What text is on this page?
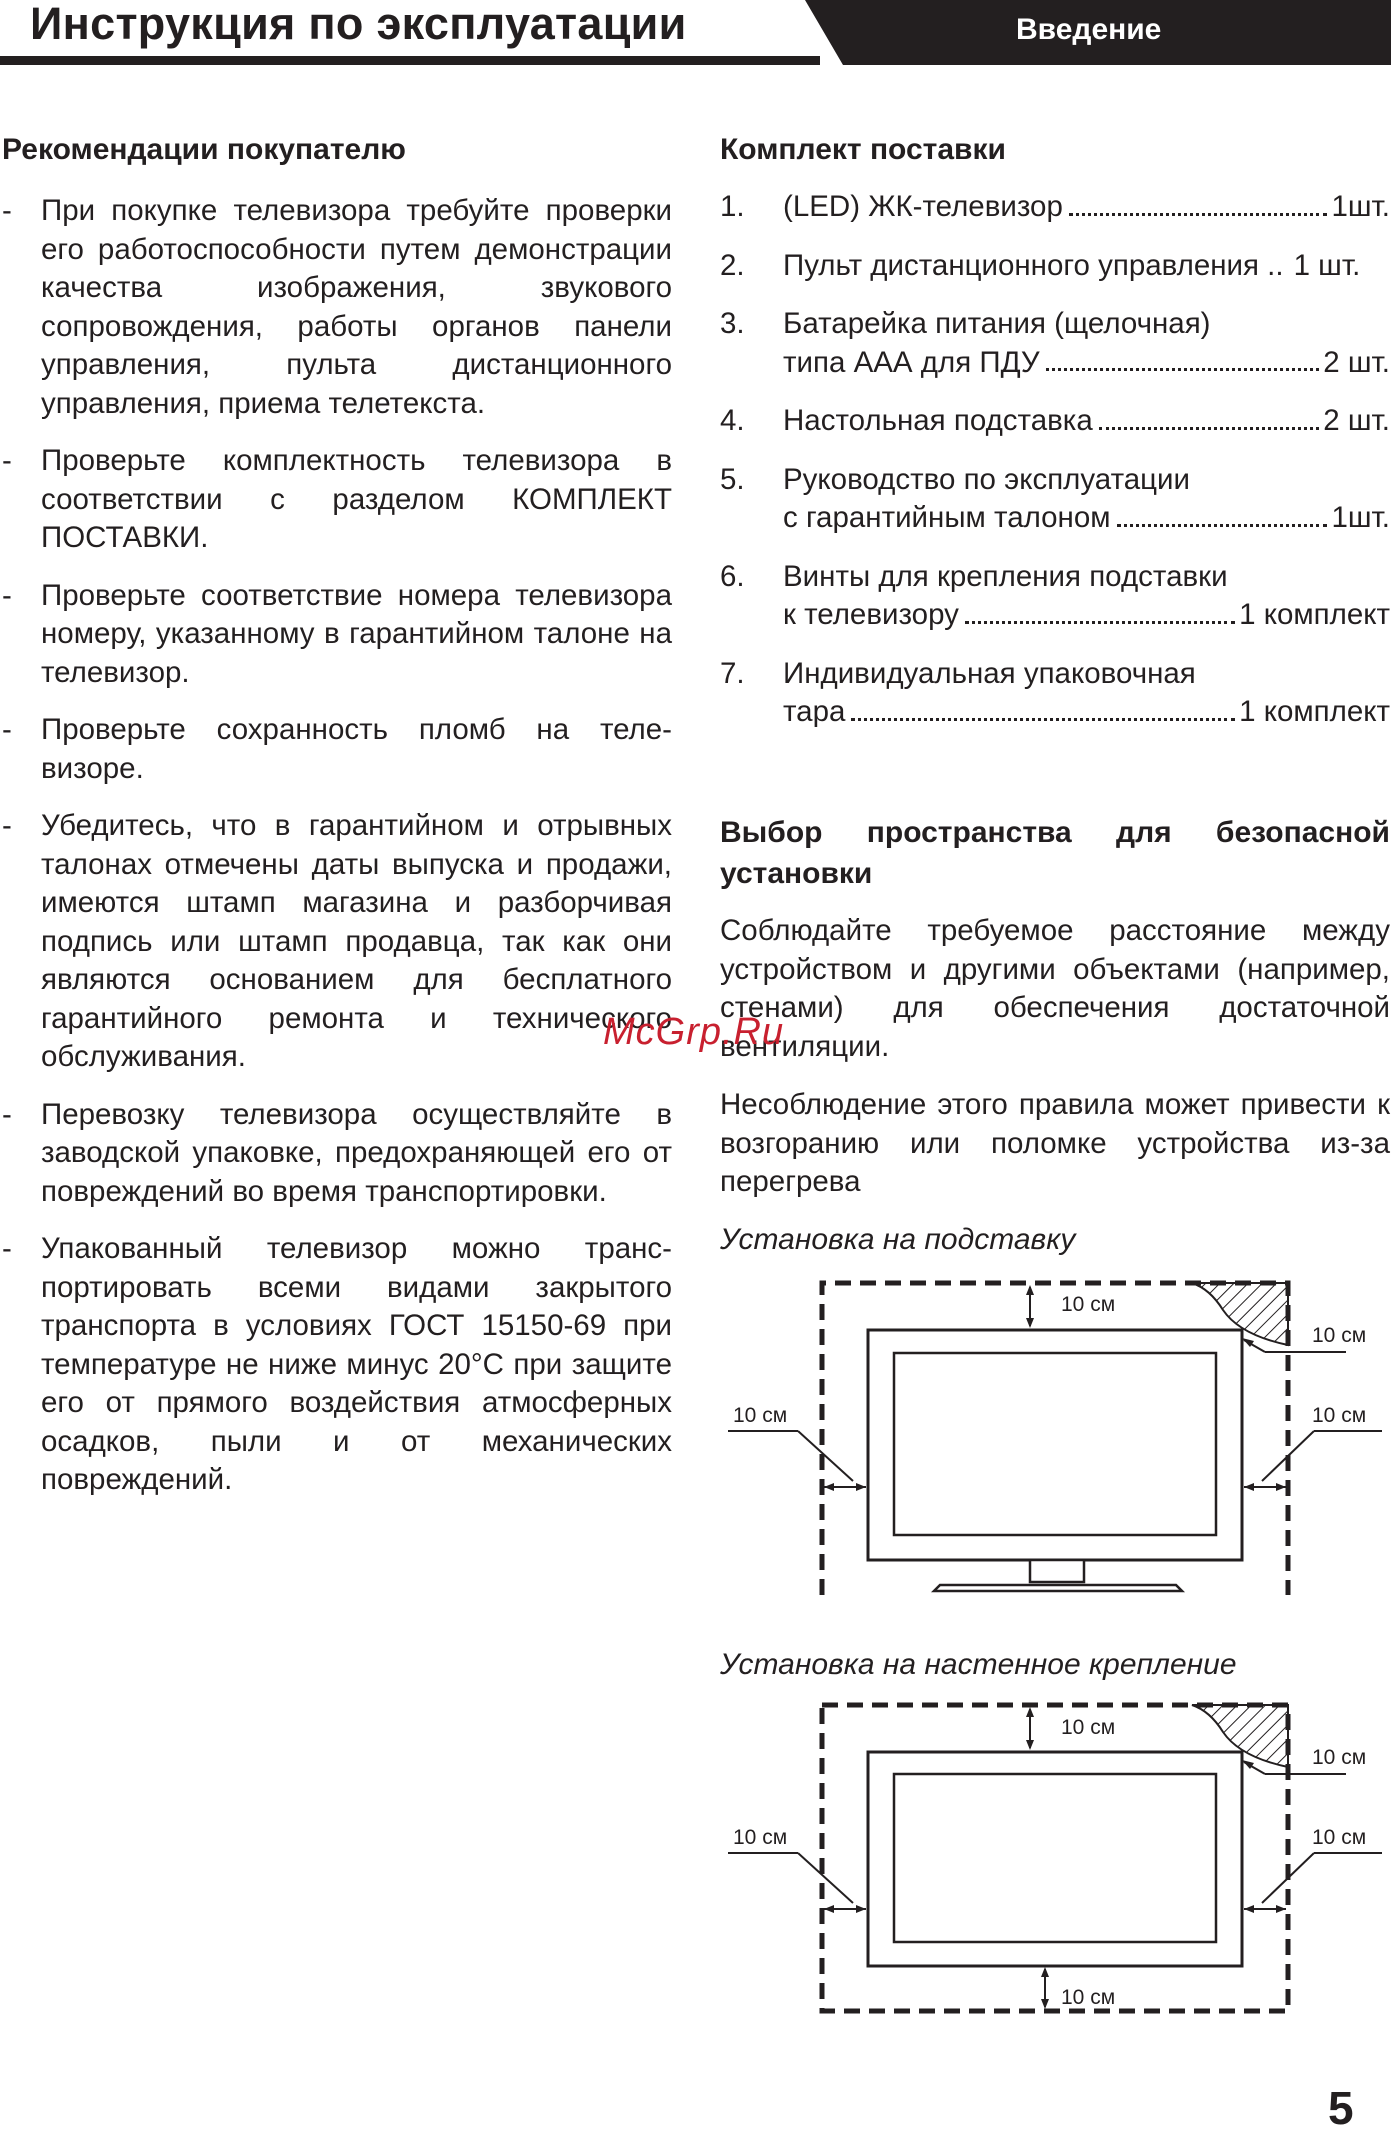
Инструкция по эксплуатации	Введение
Рекомендации покупателю
- При покупке телевизора требуйте проверки его работоспособности путем демонстрации качества изображения, звукового сопровождения, работы органов панели управления, пульта дистанционного управления, приема телетекста.
- Проверьте комплектность телевизора в соответствии с разделом КОМПЛЕКТ ПОСТАВКИ.
- Проверьте соответствие номера телевизора номеру, указанному в гарантийном талоне на телевизор.
- Проверьте сохранность пломб на телевизоре.
- Убедитесь, что в гарантийном и отрывных талонах отмечены даты выпуска и продажи, имеются штамп магазина и разборчивая подпись или штамп продавца, так как они являются основанием для бесплатного гарантийного ремонта и технического обслуживания.
- Перевозку телевизора осуществляйте в заводской упаковке, предохраняющей его от повреждений во время транспортировки.
- Упакованный телевизор можно транспортировать всеми видами закрытого транспорта в условиях ГОСТ 15150-69 при температуре не ниже минус 20°С при защите его от прямого воздействия атмосферных осадков, пыли и от механических повреждений.
Комплект поставки
1. (LED) ЖК-телевизор	1шт.
2. Пульт дистанционного управления .. 1 шт.
3. Батарейка питания (щелочная)
типа ААА для ПДУ	2 шт.
4. Настольная подставка	2 шт.
5. Руководство по эксплуатации
с гарантийным талоном	1шт.
6. Винты для крепления подставки
к телевизору	1 комплект
7. Индивидуальная упаковочная
тара	1 комплект
Выбор пространства для безопасной установки
Соблюдайте требуемое расстояние между устройством и другими объектами (например, стенами) для обеспечения достаточной вентиляции.
Несоблюдение этого правила может привести к возгоранию или поломке устройства из-за перегрева
Установка на подставку
Установка на настенное крепление
10 см
10 см
10 см	10 см
10 см
10 см
10 см	10 см
10 см
McGrp.Ru
5
